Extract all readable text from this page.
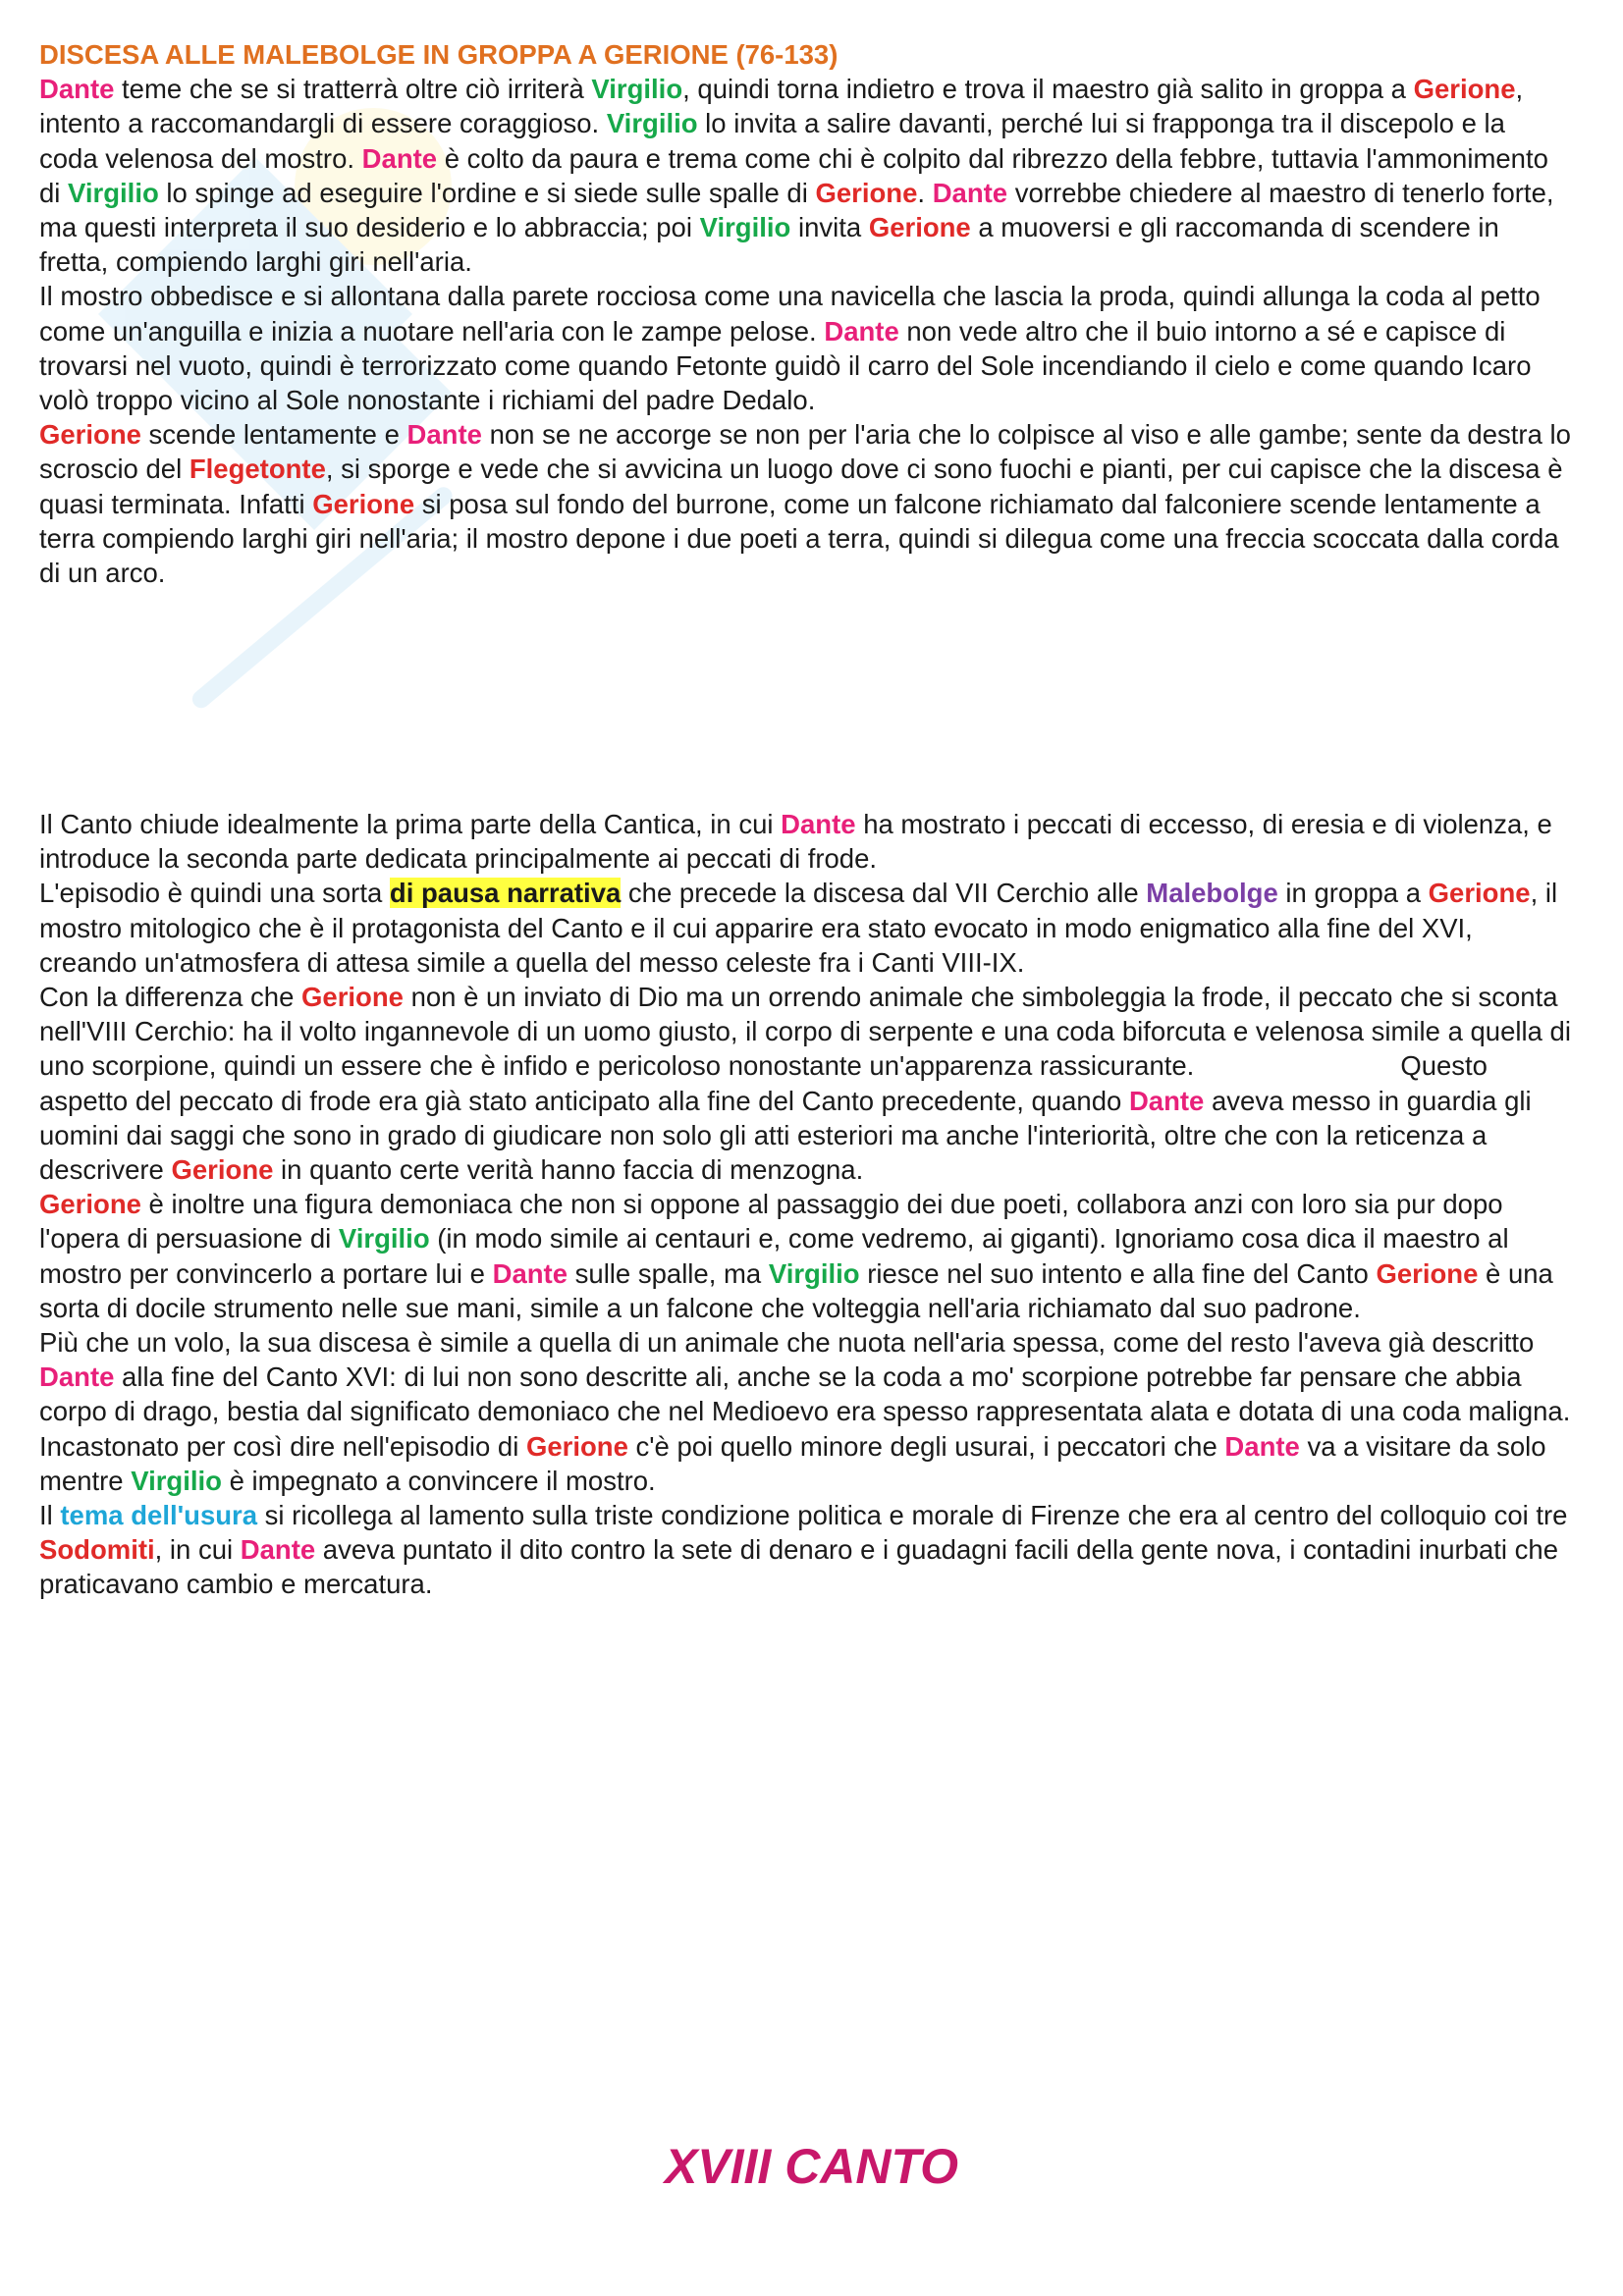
DISCESA ALLE MALEBOLGE IN GROPPA A GERIONE (76-133)

Dante teme che se si tratterrà oltre ciò irriterà Virgilio, quindi torna indietro e trova il maestro già salito in groppa a Gerione, intento a raccomandargli di essere coraggioso. Virgilio lo invita a salire davanti, perché lui si frapponga tra il discepolo e la coda velenosa del mostro. Dante è colto da paura e trema come chi è colpito dal ribrezzo della febbre, tuttavia l'ammonimento di Virgilio lo spinge ad eseguire l'ordine e si siede sulle spalle di Gerione. Dante vorrebbe chiedere al maestro di tenerlo forte, ma questi interpreta il suo desiderio e lo abbraccia; poi Virgilio invita Gerione a muoversi e gli raccomanda di scendere in fretta, compiendo larghi giri nell'aria.

Il mostro obbedisce e si allontana dalla parete rocciosa come una navicella che lascia la proda, quindi allunga la coda al petto come un'anguilla e inizia a nuotare nell'aria con le zampe pelose. Dante non vede altro che il buio intorno a sé e capisce di trovarsi nel vuoto, quindi è terrorizzato come quando Fetonte guidò il carro del Sole incendiando il cielo e come quando Icaro volò troppo vicino al Sole nonostante i richiami del padre Dedalo.

Gerione scende lentamente e Dante non se ne accorge se non per l'aria che lo colpisce al viso e alle gambe; sente da destra lo scroscio del Flegetonte, si sporge e vede che si avvicina un luogo dove ci sono fuochi e pianti, per cui capisce che la discesa è quasi terminata. Infatti Gerione si posa sul fondo del burrone, come un falcone richiamato dal falconiere scende lentamente a terra compiendo larghi giri nell'aria; il mostro depone i due poeti a terra, quindi si dilegua come una freccia scoccata dalla corda di un arco.

Il Canto chiude idealmente la prima parte della Cantica, in cui Dante ha mostrato i peccati di eccesso, di eresia e di violenza, e introduce la seconda parte dedicata principalmente ai peccati di frode.

L'episodio è quindi una sorta di pausa narrativa che precede la discesa dal VII Cerchio alle Malebolge in groppa a Gerione, il mostro mitologico che è il protagonista del Canto e il cui apparire era stato evocato in modo enigmatico alla fine del XVI, creando un'atmosfera di attesa simile a quella del messo celeste fra i Canti VIII-IX.

Con la differenza che Gerione non è un inviato di Dio ma un orrendo animale che simboleggia la frode, il peccato che si sconta nell'VIII Cerchio: ha il volto ingannevole di un uomo giusto, il corpo di serpente e una coda biforcuta e velenosa simile a quella di uno scorpione, quindi un essere che è infido e pericoloso nonostante un'apparenza rassicurante.	Questo aspetto del peccato di frode era già stato anticipato alla fine del Canto precedente, quando Dante aveva messo in guardia gli uomini dai saggi che sono in grado di giudicare non solo gli atti esteriori ma anche l'interiorità, oltre che con la reticenza a descrivere Gerione in quanto certe verità hanno faccia di menzogna.

Gerione è inoltre una figura demoniaca che non si oppone al passaggio dei due poeti, collabora anzi con loro sia pur dopo l'opera di persuasione di Virgilio (in modo simile ai centauri e, come vedremo, ai giganti). Ignoriamo cosa dica il maestro al mostro per convincerlo a portare lui e Dante sulle spalle, ma Virgilio riesce nel suo intento e alla fine del Canto Gerione è una sorta di docile strumento nelle sue mani, simile a un falcone che volteggia nell'aria richiamato dal suo padrone.

Più che un volo, la sua discesa è simile a quella di un animale che nuota nell'aria spessa, come del resto l'aveva già descritto Dante alla fine del Canto XVI: di lui non sono descritte ali, anche se la coda a mo' scorpione potrebbe far pensare che abbia corpo di drago, bestia dal significato demoniaco che nel Medioevo era spesso rappresentata alata e dotata di una coda maligna.

Incastonato per così dire nell'episodio di Gerione c'è poi quello minore degli usurai, i peccatori che Dante va a visitare da solo mentre Virgilio è impegnato a convincere il mostro.

Il tema dell'usura si ricollega al lamento sulla triste condizione politica e morale di Firenze che era al centro del colloquio coi tre Sodomiti, in cui Dante aveva puntato il dito contro la sete di denaro e i guadagni facili della gente nova, i contadini inurbati che praticavano cambio e mercatura.

XVIII CANTO
